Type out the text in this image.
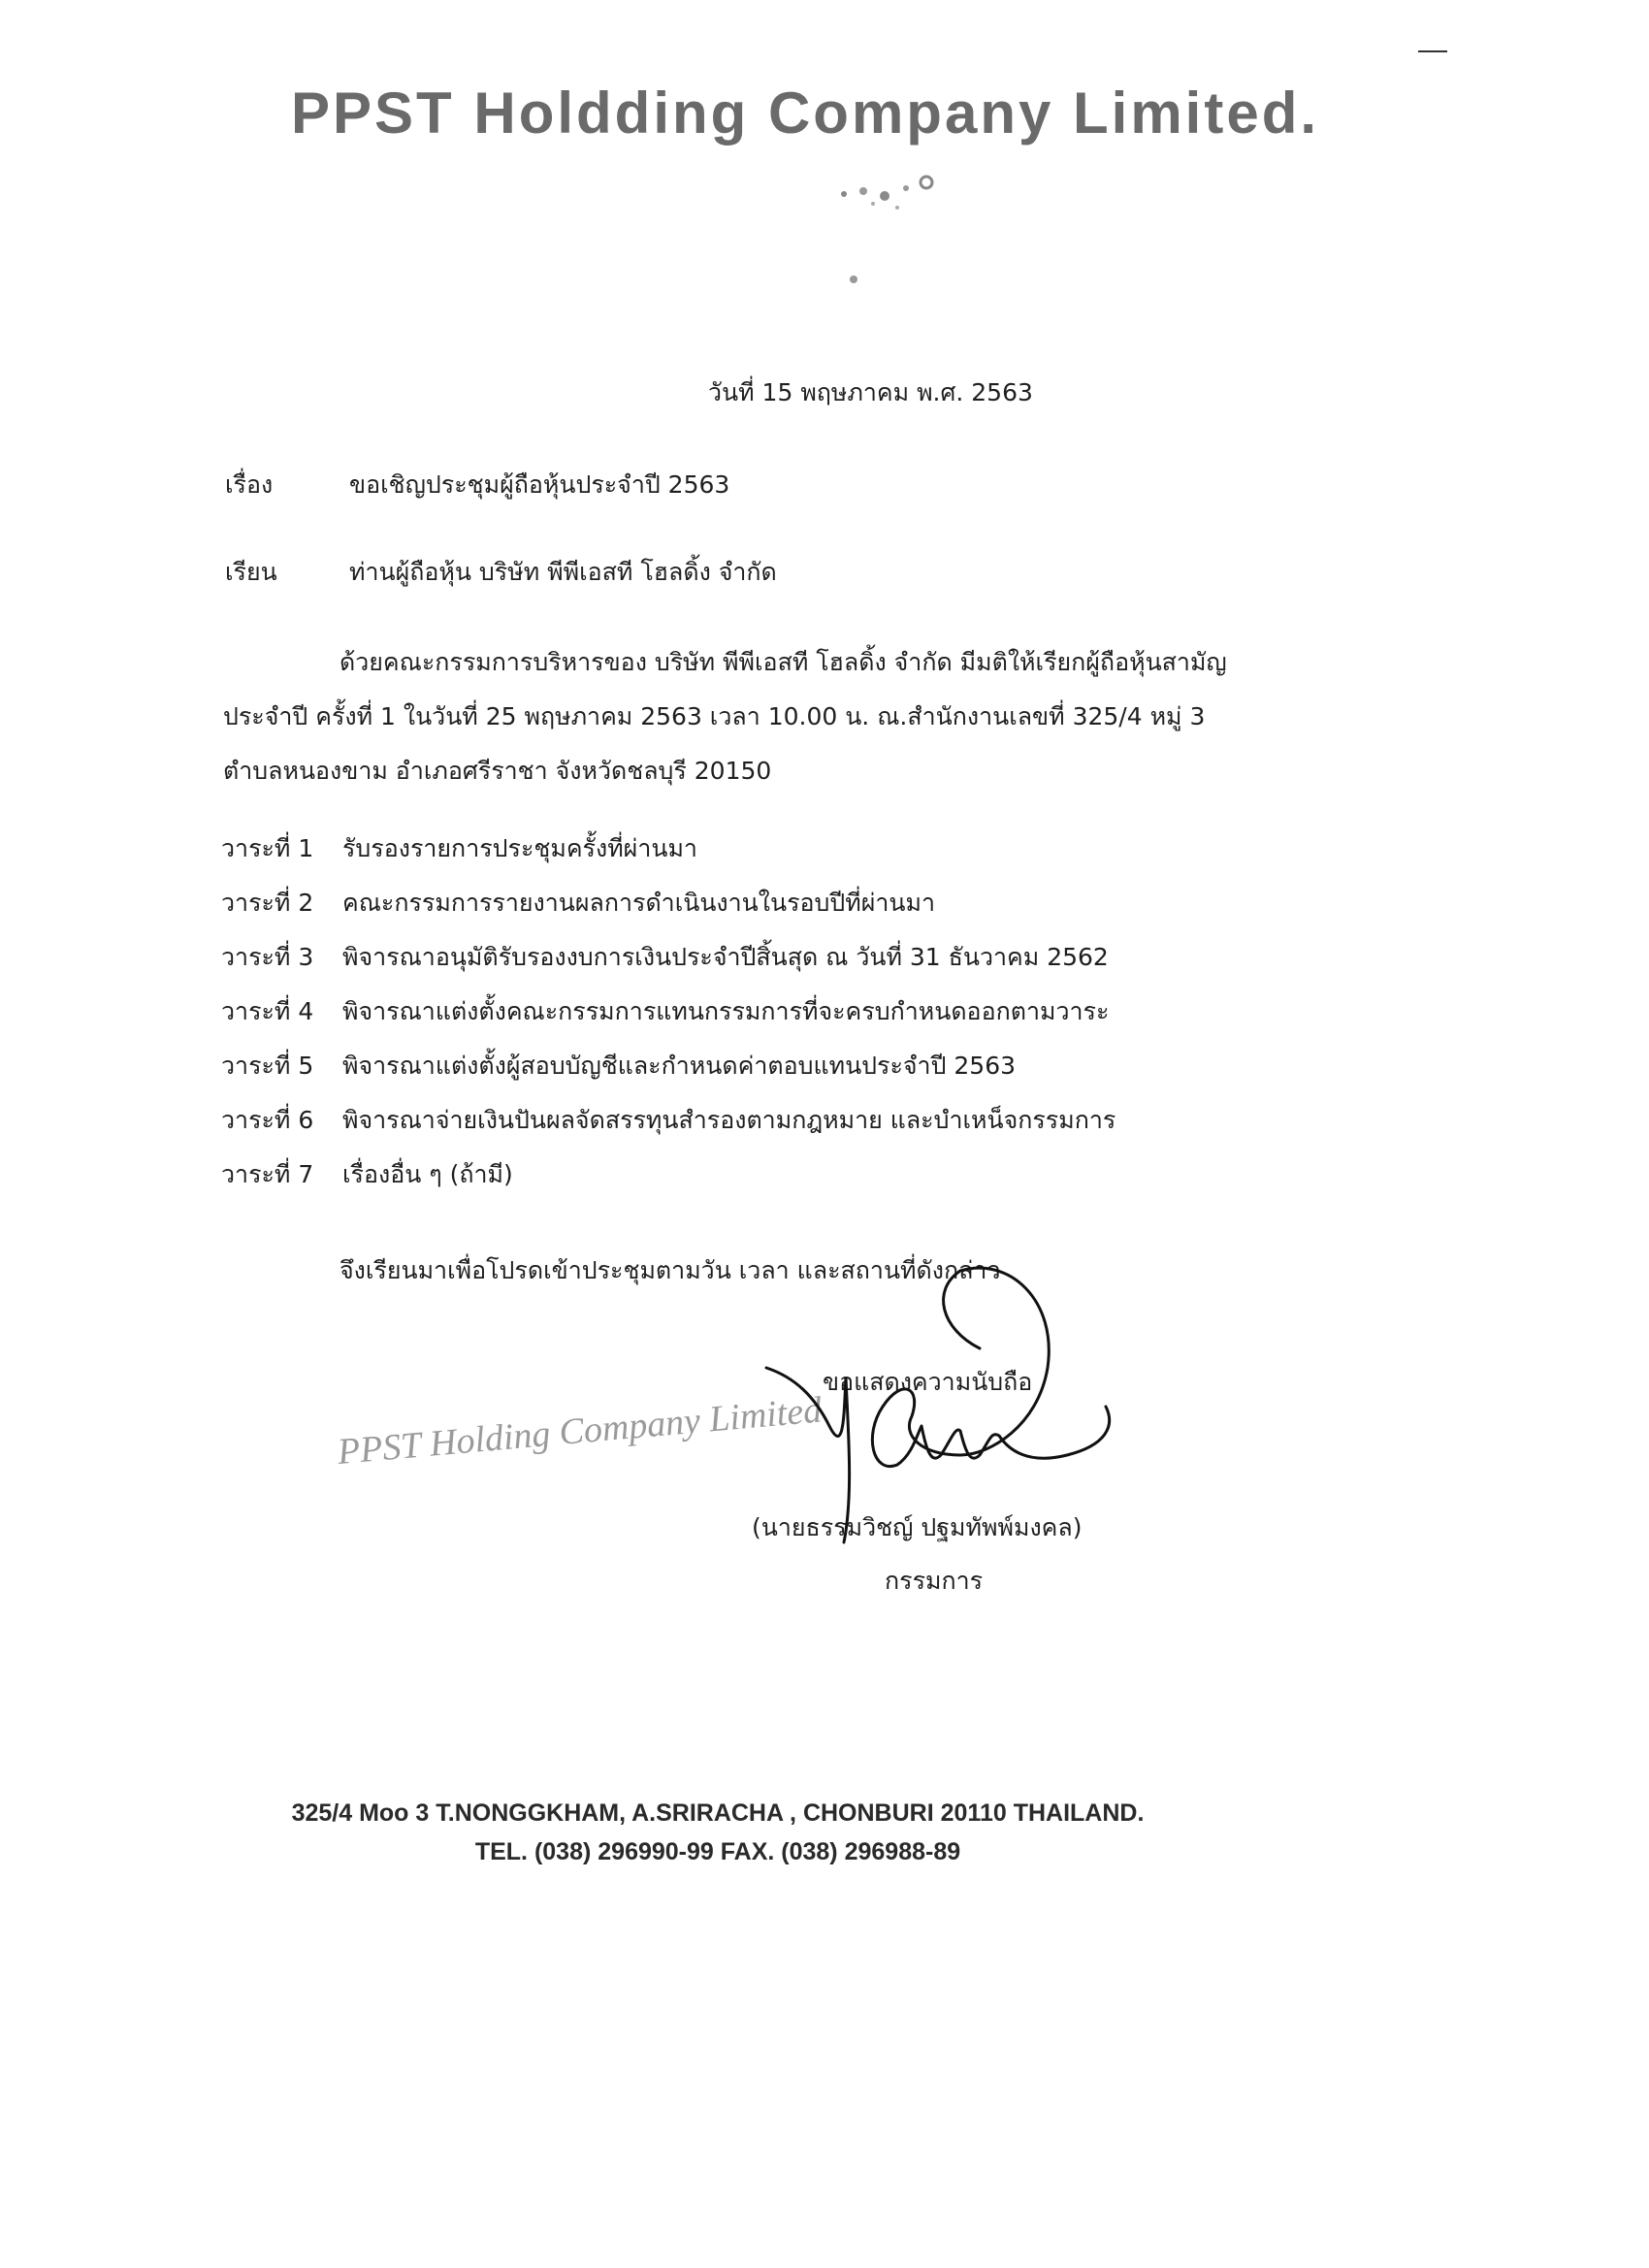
PPST Holdding Company Limited.
วันที่ 15 พฤษภาคม พ.ศ. 2563
เรื่อง	ขอเชิญประชุมผู้ถือหุ้นประจำปี 2563
เรียน	ท่านผู้ถือหุ้น บริษัท พีพีเอสที โฮลดิ้ง จำกัด
ด้วยคณะกรรมการบริหารของ บริษัท พีพีเอสที โฮลดิ้ง จำกัด มีมติให้เรียกผู้ถือหุ้นสามัญ
ประจำปี ครั้งที่ 1 ในวันที่ 25 พฤษภาคม 2563 เวลา 10.00 น. ณ.สำนักงานเลขที่ 325/4 หมู่ 3
ตำบลหนองขาม อำเภอศรีราชา จังหวัดชลบุรี 20150
วาระที่ 1 รับรองรายการประชุมครั้งที่ผ่านมา
วาระที่ 2 คณะกรรมการรายงานผลการดำเนินงานในรอบปีที่ผ่านมา
วาระที่ 3 พิจารณาอนุมัติรับรองงบการเงินประจำปีสิ้นสุด ณ วันที่ 31 ธันวาคม 2562
วาระที่ 4 พิจารณาแต่งตั้งคณะกรรมการแทนกรรมการที่จะครบกำหนดออกตามวาระ
วาระที่ 5 พิจารณาแต่งตั้งผู้สอบบัญชีและกำหนดค่าตอบแทนประจำปี 2563
วาระที่ 6 พิจารณาจ่ายเงินปันผลจัดสรรทุนสำรองตามกฎหมาย และบำเหน็จกรรมการ
วาระที่ 7 เรื่องอื่น ๆ (ถ้ามี)
จึงเรียนมาเพื่อโปรดเข้าประชุมตามวัน เวลา และสถานที่ดังกล่าว
PPST Holding Company Limited
ขอแสดงความนับถือ
(นายธรรมวิชญ์ ปฐมทัพพ์มงคล)
กรรมการ
325/4 Moo 3 T.NONGGKHAM, A.SRIRACHA , CHONBURI 20110 THAILAND.
TEL. (038) 296990-99 FAX. (038) 296988-89
